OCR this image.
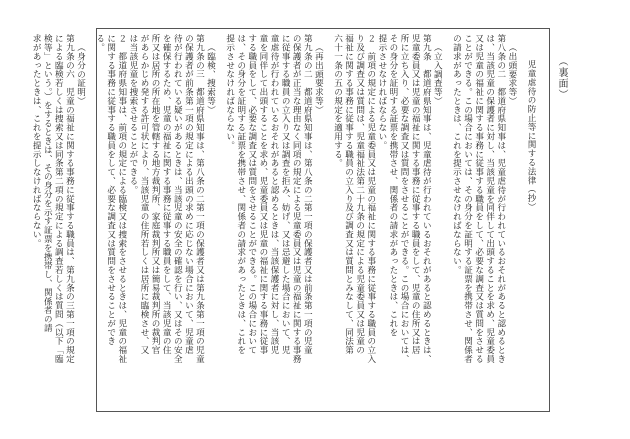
（裏面）
児童虐待の防止等に関する法律（抄）
（出頭要求等）
第八条の二　都道府県知事は、児童虐待が行われているおそれがあると認めるとき
は、当該児童の保護者に対し、当該児童を同伴して出頭することを求め、児童委員
又は児童の福祉に関する事務に従事する職員をして、必要な調査又は質問をさせる
ことができる。この場合においては、その身分を証明する証票を携帯させ、関係者
の請求があったときは、これを提示させなければならない。
（立入調査等）
第九条　都道府県知事は、児童虐待が行われているおそれがあると認めるときは、
児童委員又は児童の福祉に関する事務に従事する職員をして、児童の住所又は居
所に立ち入り、必要な調査又は質問をさせることができる。この場合においては、
その身分を証明する証票を携帯させ、関係者の請求があったときは、これを
提示させなければならない。
２　前項の規定による児童委員又は児童の福祉に関する事務に従事する職員の立入
り及び調査又は質問は、児童福祉法第二十九条の規定による児童委員又は児童の
福祉に関する事務に従事する職員の立入り及び調査又は質問とみなして、同法第
六十一条の五の規定を適用する。
（再出頭要求等）
第九条の二　都道府県知事は、第八条の二第一項の保護者又は前条第一項の児童
の保護者が正当な理由なく同項の規定による児童委員又は児童の福祉に関する事務
に従事する職員の立入り又は調査を拒み、妨げ、又は忌避した場合において、児
童虐待が行われているおそれがあると認めるときは、当該保護者に対し、当該児
童を同伴して出頭することを求め、児童委員又は児童の福祉に関する事務に従事
する職員をして、必要な調査又は質問をさせることができる。この場合において
は、その身分を証明する証票を携帯させ、関係者の請求があったときは、これを
提示させなければならない。
（臨検、捜索等）
第九条の三　都道府県知事は、第八条の二第一項の保護者又は第九条第一項の児童
の保護者が前条第一項の規定による出頭の求めに応じない場合において、児童虐
待が行われている疑いがあるときは、当該児童の安全の確認を行い、又はその安全
を確保するため、児童の福祉に関する事務に従事する職員をして、当該児童の住
所又は居所の所在地を管轄する地方裁判所、家庭裁判所又は簡易裁判所の裁判官
があらかじめ発する許可状により、当該児童の住所若しくは居所に臨検させ、又
は当該児童を捜索させることができる。
２　都道府県知事は、前項の規定による臨検又は捜索をさせるときは、児童の福祉
に関する事務に従事する職員をして、必要な調査又は質問をさせることができ
る。
（身分の証明）
第九条の六　児童の福祉に関する事務に従事する職員は、第九条の三第一項の規定
による臨検若しくは捜索又は同条第二項の規定による調査若しくは質問（以下「臨
検等」という。）をするときは、その身分を示す証票を携帯し、関係者の請
求があったときは、これを提示しなければならない。
